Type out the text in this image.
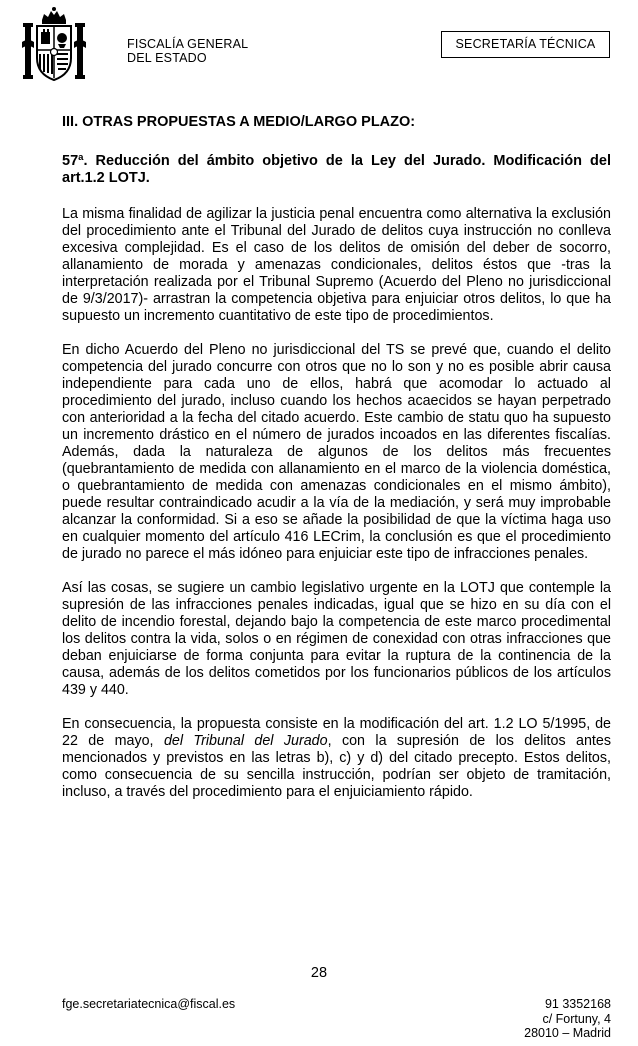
FISCALÍA GENERAL
DEL ESTADO
SECRETARÍA TÉCNICA
III. OTRAS PROPUESTAS A MEDIO/LARGO PLAZO:
57ª. Reducción del ámbito objetivo de la Ley del Jurado. Modificación del art.1.2 LOTJ.

La misma finalidad de agilizar la justicia penal encuentra como alternativa la exclusión del procedimiento ante el Tribunal del Jurado de delitos cuya instrucción no conlleva excesiva complejidad. Es el caso de los delitos de omisión del deber de socorro, allanamiento de morada y amenazas condicionales, delitos éstos que -tras la interpretación realizada por el Tribunal Supremo (Acuerdo del Pleno no jurisdiccional de 9/3/2017)- arrastran la competencia objetiva para enjuiciar otros delitos, lo que ha supuesto un incremento cuantitativo de este tipo de procedimientos.

En dicho Acuerdo del Pleno no jurisdiccional del TS se prevé que, cuando el delito competencia del jurado concurre con otros que no lo son y no es posible abrir causa independiente para cada uno de ellos, habrá que acomodar lo actuado al procedimiento del jurado, incluso cuando los hechos acaecidos se hayan perpetrado con anterioridad a la fecha del citado acuerdo. Este cambio de statu quo ha supuesto un incremento drástico en el número de jurados incoados en las diferentes fiscalías. Además, dada la naturaleza de algunos de los delitos más frecuentes (quebrantamiento de medida con allanamiento en el marco de la violencia doméstica, o quebrantamiento de medida con amenazas condicionales en el mismo ámbito), puede resultar contraindicado acudir a la vía de la mediación, y será muy improbable alcanzar la conformidad. Si a eso se añade la posibilidad de que la víctima haga uso en cualquier momento del artículo 416 LECrim, la conclusión es que el procedimiento de jurado no parece el más idóneo para enjuiciar este tipo de infracciones penales.

Así las cosas, se sugiere un cambio legislativo urgente en la LOTJ que contemple la supresión de las infracciones penales indicadas, igual que se hizo en su día con el delito de incendio forestal, dejando bajo la competencia de este marco procedimental los delitos contra la vida, solos o en régimen de conexidad con otras infracciones que deban enjuiciarse de forma conjunta para evitar la ruptura de la continencia de la causa, además de los delitos cometidos por los funcionarios públicos de los artículos 439 y 440.

En consecuencia, la propuesta consiste en la modificación del art. 1.2 LO 5/1995, de 22 de mayo, del Tribunal del Jurado, con la supresión de los delitos antes mencionados y previstos en las letras b), c) y d) del citado precepto. Estos delitos, como consecuencia de su sencilla instrucción, podrían ser objeto de tramitación, incluso, a través del procedimiento para el enjuiciamiento rápido.

28
fge.secretariatecnica@fiscal.es	91 3352168
c/ Fortuny, 4
28010 – Madrid
